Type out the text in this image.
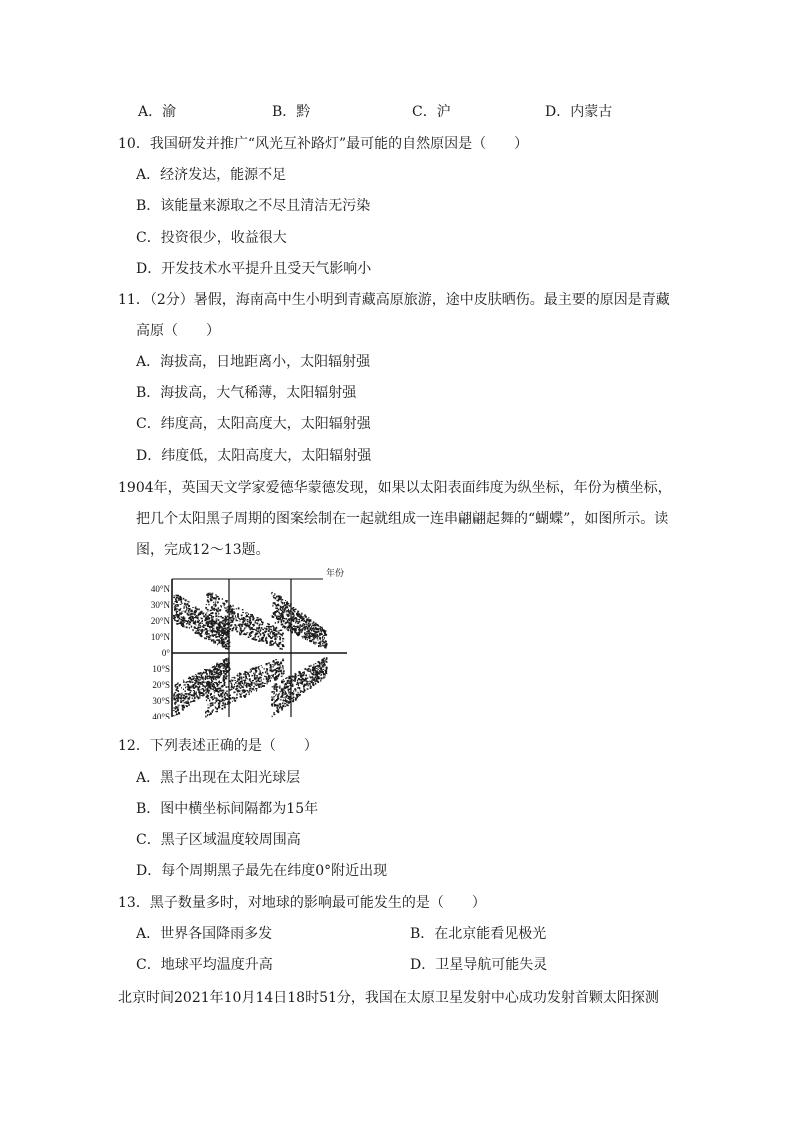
A．渝	B．黔	C．沪	D．内蒙古
10．我国研发并推广“风光互补路灯”最可能的自然原因是（　　）
A．经济发达，能源不足
B．该能量来源取之不尽且清洁无污染
C．投资很少，收益很大
D．开发技术水平提升且受天气影响小
11．（2分）暑假，海南高中生小明到青藏高原旅游，途中皮肤晒伤。最主要的原因是青藏
高原（　　）
A．海拔高，日地距离小，太阳辐射强
B．海拔高，大气稀薄，太阳辐射强
C．纬度高，太阳高度大，太阳辐射强
D．纬度低，太阳高度大，太阳辐射强
1904年，英国天文学家爱德华蒙德发现，如果以太阳表面纬度为纵坐标，年份为横坐标，
把几个太阳黑子周期的图案绘制在一起就组成一连串翩翩起舞的“蝴蝶”，如图所示。读
图，完成12～13题。
40°N
30°N
20°N
10°N
0°
10°S
20°S
30°S
40°S
年份
12．下列表述正确的是（　　）
A．黑子出现在太阳光球层
B．图中横坐标间隔都为15年
C．黑子区域温度较周围高
D．每个周期黑子最先在纬度0°附近出现
13．黑子数量多时，对地球的影响最可能发生的是（　　）
A．世界各国降雨多发	B．在北京能看见极光
C．地球平均温度升高	D．卫星导航可能失灵
北京时间2021年10月14日18时51分，我国在太原卫星发射中心成功发射首颗太阳探测
